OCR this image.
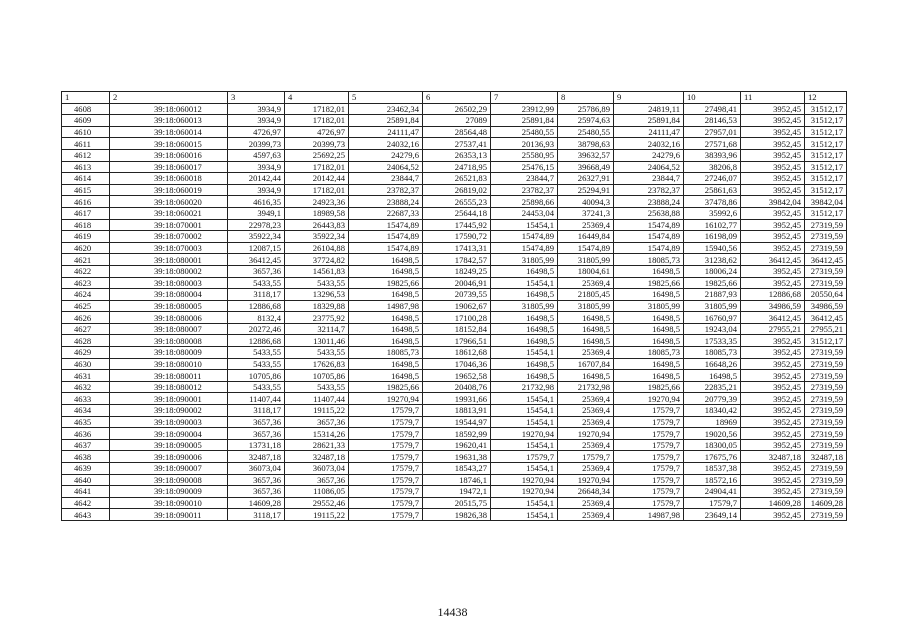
1	2	3	4	5	6	7	8	9	10	11	12
4608	39:18:060012	3934,9	17182,01	23462,34	26502,29	23912,99	25786,89	24819,11	27498,41	3952,45	31512,17
4609	39:18:060013	3934,9	17182,01	25891,84	27089	25891,84	25974,63	25891,84	28146,53	3952,45	31512,17
4610	39:18:060014	4726,97	4726,97	24111,47	28564,48	25480,55	25480,55	24111,47	27957,01	3952,45	31512,17
4611	39:18:060015	20399,73	20399,73	24032,16	27537,41	20136,93	38798,63	24032,16	27571,68	3952,45	31512,17
4612	39:18:060016	4597,63	25692,25	24279,6	26353,13	25580,95	39632,57	24279,6	38393,96	3952,45	31512,17
4613	39:18:060017	3934,9	17182,01	24064,52	24718,95	25476,15	39668,49	24064,52	38206,8	3952,45	31512,17
4614	39:18:060018	20142,44	20142,44	23844,7	26521,83	23844,7	26327,91	23844,7	27246,07	3952,45	31512,17
4615	39:18:060019	3934,9	17182,01	23782,37	26819,02	23782,37	25294,91	23782,37	25861,63	3952,45	31512,17
4616	39:18:060020	4616,35	24923,36	23888,24	26555,23	25898,66	40094,3	23888,24	37478,86	39842,04	39842,04
4617	39:18:060021	3949,1	18989,58	22687,33	25644,18	24453,04	37241,3	25638,88	35992,6	3952,45	31512,17
4618	39:18:070001	22978,23	26443,83	15474,89	17445,92	15454,1	25369,4	15474,89	16102,77	3952,45	27319,59
4619	39:18:070002	35922,34	35922,34	15474,89	17590,72	15474,89	16449,84	15474,89	16198,09	3952,45	27319,59
4620	39:18:070003	12087,15	26104,88	15474,89	17413,31	15474,89	15474,89	15474,89	15940,56	3952,45	27319,59
4621	39:18:080001	36412,45	37724,82	16498,5	17842,57	31805,99	31805,99	18085,73	31238,62	36412,45	36412,45
4622	39:18:080002	3657,36	14561,83	16498,5	18249,25	16498,5	18004,61	16498,5	18006,24	3952,45	27319,59
4623	39:18:080003	5433,55	5433,55	19825,66	20046,91	15454,1	25369,4	19825,66	19825,66	3952,45	27319,59
4624	39:18:080004	3118,17	13296,53	16498,5	20739,55	16498,5	21805,45	16498,5	21887,93	12886,68	20550,64
4625	39:18:080005	12886,68	18329,88	14987,98	19062,67	31805,99	31805,99	31805,99	31805,99	34986,59	34986,59
4626	39:18:080006	8132,4	23775,92	16498,5	17100,28	16498,5	16498,5	16498,5	16760,97	36412,45	36412,45
4627	39:18:080007	20272,46	32114,7	16498,5	18152,84	16498,5	16498,5	16498,5	19243,04	27955,21	27955,21
4628	39:18:080008	12886,68	13011,46	16498,5	17966,51	16498,5	16498,5	16498,5	17533,35	3952,45	31512,17
4629	39:18:080009	5433,55	5433,55	18085,73	18612,68	15454,1	25369,4	18085,73	18085,73	3952,45	27319,59
4630	39:18:080010	5433,55	17626,83	16498,5	17046,36	16498,5	16707,84	16498,5	16648,26	3952,45	27319,59
4631	39:18:080011	10705,86	10705,86	16498,5	19652,58	16498,5	16498,5	16498,5	16498,5	3952,45	27319,59
4632	39:18:080012	5433,55	5433,55	19825,66	20408,76	21732,98	21732,98	19825,66	22835,21	3952,45	27319,59
4633	39:18:090001	11407,44	11407,44	19270,94	19931,66	15454,1	25369,4	19270,94	20779,39	3952,45	27319,59
4634	39:18:090002	3118,17	19115,22	17579,7	18813,91	15454,1	25369,4	17579,7	18340,42	3952,45	27319,59
4635	39:18:090003	3657,36	3657,36	17579,7	19544,97	15454,1	25369,4	17579,7	18969	3952,45	27319,59
4636	39:18:090004	3657,36	15314,26	17579,7	18592,99	19270,94	19270,94	17579,7	19020,56	3952,45	27319,59
4637	39:18:090005	13731,18	28621,33	17579,7	19620,41	15454,1	25369,4	17579,7	18300,05	3952,45	27319,59
4638	39:18:090006	32487,18	32487,18	17579,7	19631,38	17579,7	17579,7	17579,7	17675,76	32487,18	32487,18
4639	39:18:090007	36073,04	36073,04	17579,7	18543,27	15454,1	25369,4	17579,7	18537,38	3952,45	27319,59
4640	39:18:090008	3657,36	3657,36	17579,7	18746,1	19270,94	19270,94	17579,7	18572,16	3952,45	27319,59
4641	39:18:090009	3657,36	11086,05	17579,7	19472,1	19270,94	26648,34	17579,7	24904,41	3952,45	27319,59
4642	39:18:090010	14609,28	29552,46	17579,7	20515,75	15454,1	25369,4	17579,7	17579,7	14609,28	14609,28
4643	39:18:090011	3118,17	19115,22	17579,7	19826,38	15454,1	25369,4	14987,98	23649,14	3952,45	27319,59
14438
